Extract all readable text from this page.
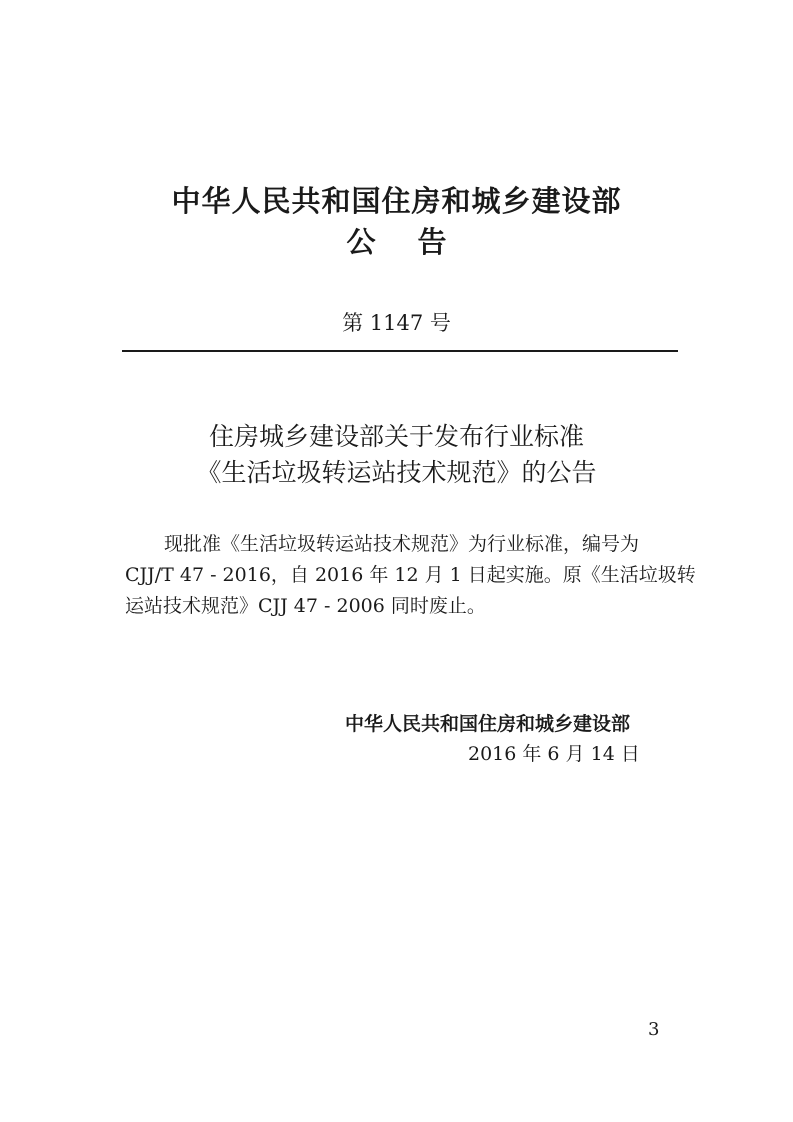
中华人民共和国住房和城乡建设部
公告
第 1147 号
住房城乡建设部关于发布行业标准
《生活垃圾转运站技术规范》的公告
现批准《生活垃圾转运站技术规范》为行业标准，编号为
CJJ/T 47 - 2016，自 2016 年 12 月 1 日起实施。原《生活垃圾转
运站技术规范》CJJ 47 - 2006 同时废止。
中华人民共和国住房和城乡建设部
2016 年 6 月 14 日
3
